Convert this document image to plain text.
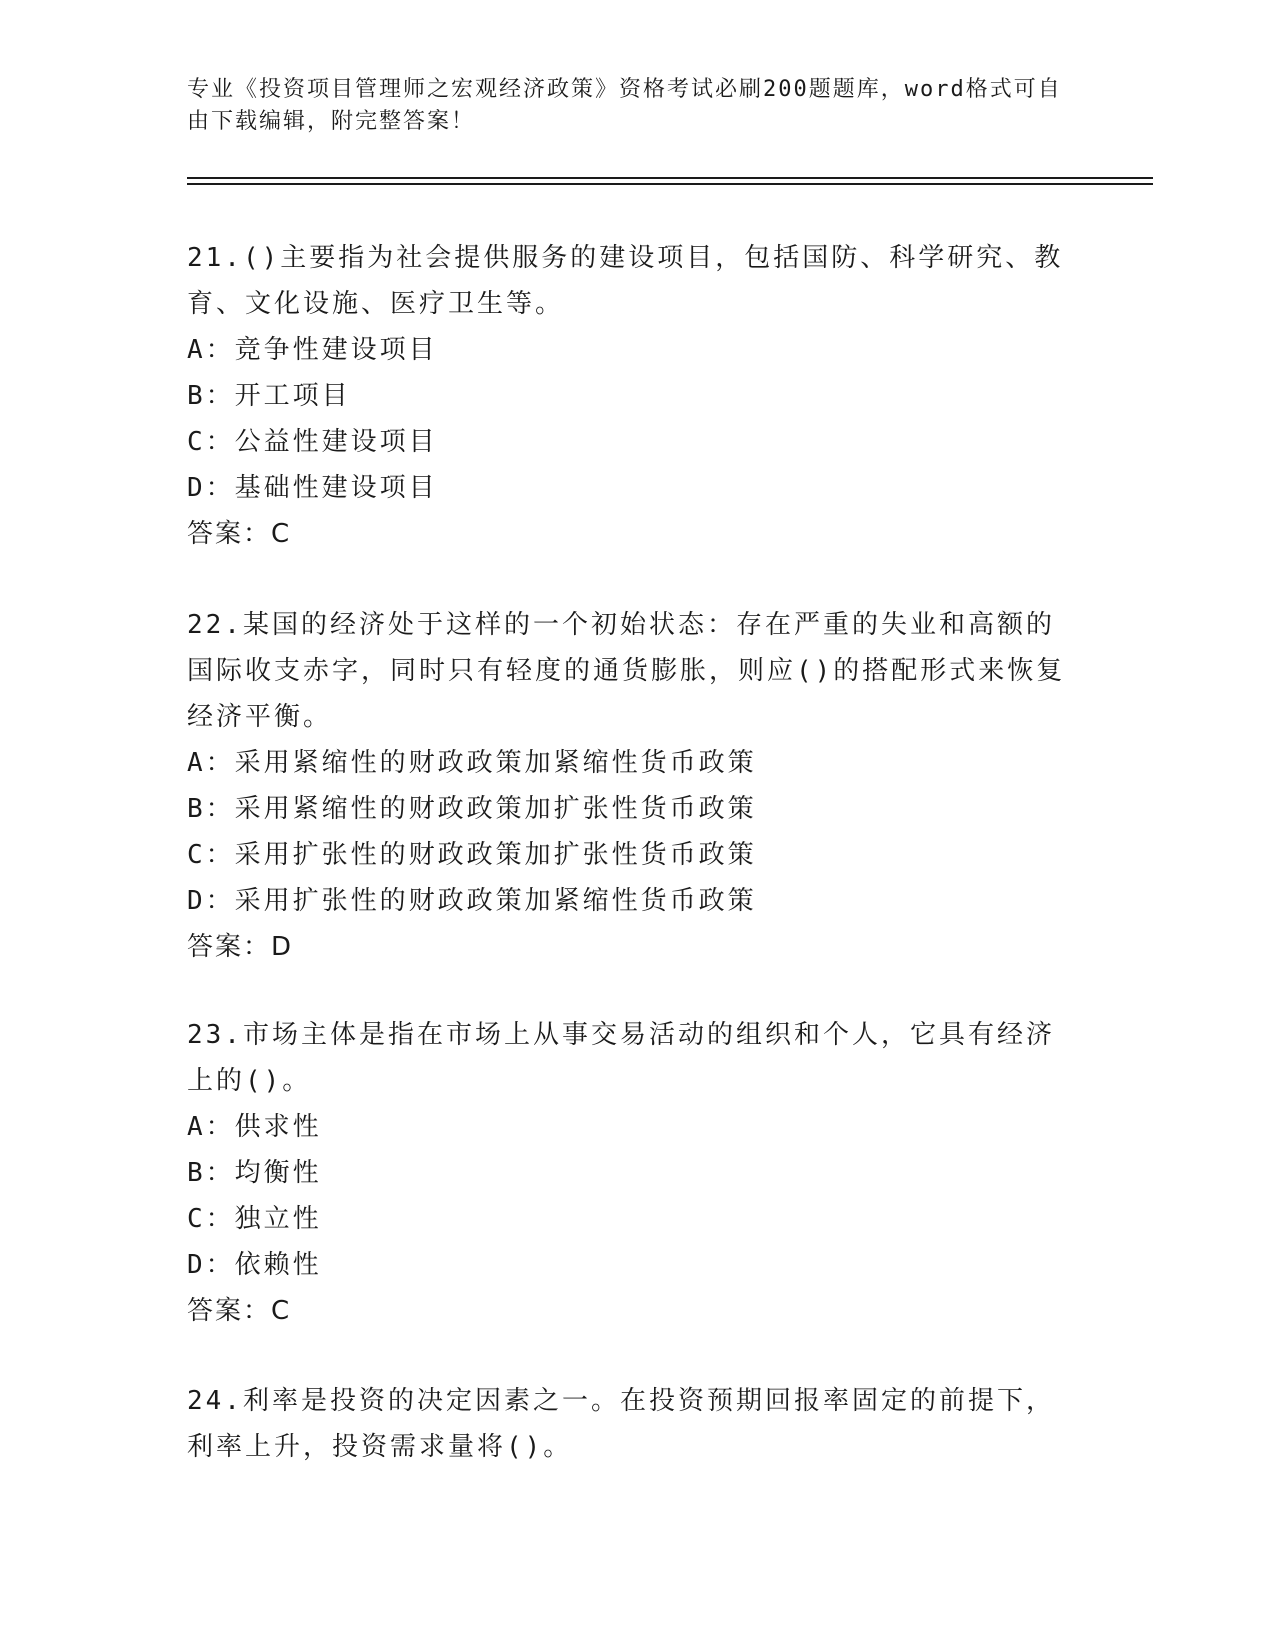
专业《投资项目管理师之宏观经济政策》资格考试必刷200题题库，word格式可自由下载编辑，附完整答案！
21.()主要指为社会提供服务的建设项目，包括国防、科学研究、教育、文化设施、医疗卫生等。
A：竞争性建设项目
B：开工项目
C：公益性建设项目
D：基础性建设项目
答案：C
22.某国的经济处于这样的一个初始状态：存在严重的失业和高额的国际收支赤字，同时只有轻度的通货膨胀，则应()的搭配形式来恢复经济平衡。
A：采用紧缩性的财政政策加紧缩性货币政策
B：采用紧缩性的财政政策加扩张性货币政策
C：采用扩张性的财政政策加扩张性货币政策
D：采用扩张性的财政政策加紧缩性货币政策
答案：D
23.市场主体是指在市场上从事交易活动的组织和个人，它具有经济上的()。
A：供求性
B：均衡性
C：独立性
D：依赖性
答案：C
24.利率是投资的决定因素之一。在投资预期回报率固定的前提下，利率上升，投资需求量将()。
